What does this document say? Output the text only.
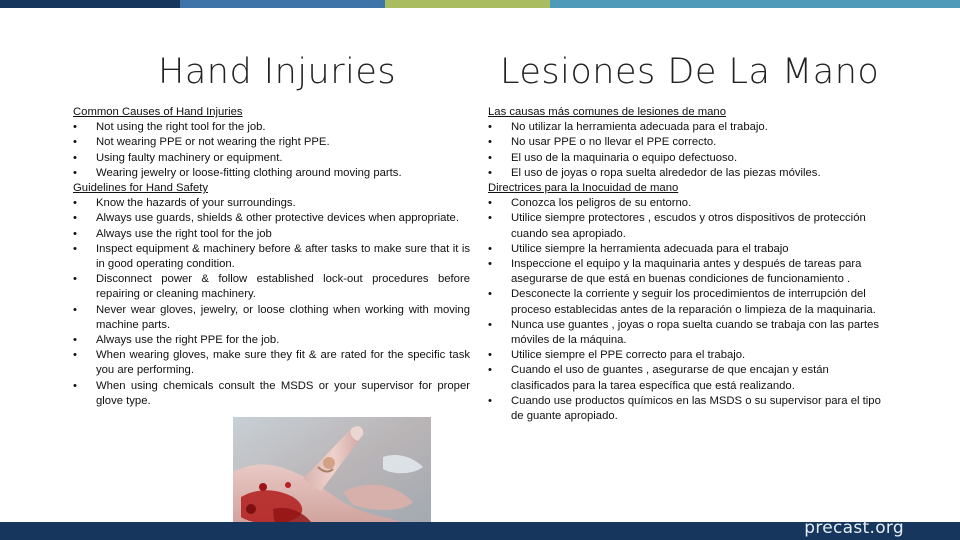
Hand Injuries	Lesiones De La Mano
Common Causes of Hand Injuries
• Not using the right tool for the job.
• Not wearing PPE or not wearing the right PPE.
• Using faulty machinery or equipment.
• Wearing jewelry or loose-fitting clothing around moving parts.
Guidelines for Hand Safety
• Know the hazards of your surroundings.
• Always use guards, shields & other protective devices when appropriate.
• Always use the right tool for the job
• Inspect equipment & machinery before & after tasks to make sure that it is in good operating condition.
• Disconnect power & follow established lock-out procedures before repairing or cleaning machinery.
• Never wear gloves, jewelry, or loose clothing when working with moving machine parts.
• Always use the right PPE for the job.
• When wearing gloves, make sure they fit & are rated for the specific task you are performing.
• When using chemicals consult the MSDS or your supervisor for proper glove type.
Las causas más comunes de lesiones de mano
• No utilizar la herramienta adecuada para el trabajo.
• No usar PPE o no llevar el PPE correcto.
• El uso de la maquinaria o equipo defectuoso.
• El uso de joyas o ropa suelta alrededor de las piezas móviles.
Directrices para la Inocuidad de mano
• Conozca los peligros de su entorno.
• Utilice siempre protectores , escudos y otros dispositivos de protección cuando sea apropiado.
• Utilice siempre la herramienta adecuada para el trabajo
• Inspeccione el equipo y la maquinaria antes y después de tareas para asegurarse de que está en buenas condiciones de funcionamiento .
• Desconecte la corriente y seguir los procedimientos de interrupción del proceso establecidas antes de la reparación o limpieza de la maquinaria.
• Nunca use guantes , joyas o ropa suelta cuando se trabaja con las partes móviles de la máquina.
• Utilice siempre el PPE correcto para el trabajo.
• Cuando el uso de guantes , asegurarse de que encajan y están clasificados para la tarea específica que está realizando.
• Cuando use productos químicos en las MSDS o su supervisor para el tipo de guante apropiado.
precast.org
